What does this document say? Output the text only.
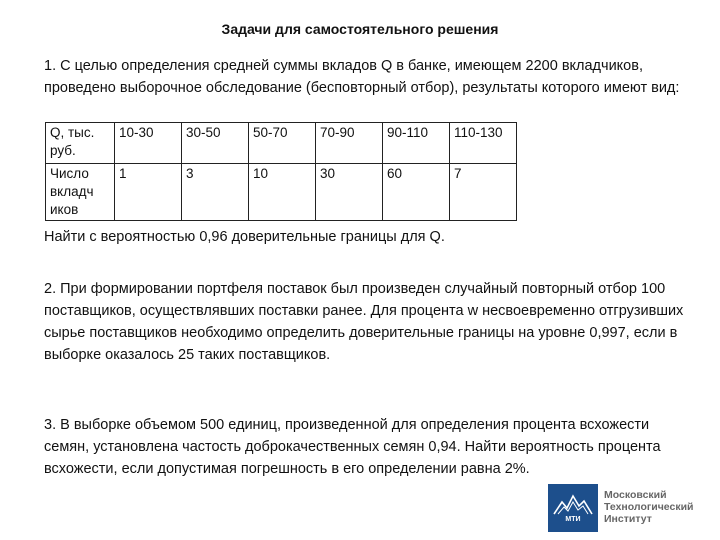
Задачи для самостоятельного решения
1. С целью определения средней суммы вкладов Q в банке, имеющем 2200 вкладчиков, проведено выборочное обследование (бесповторный отбор), результаты которого имеют вид:
Q, тыс. руб.	10-30	30-50	50-70	70-90	90-110	110-130
Число вкладч иков	1	3	10	30	60	7
Найти с вероятностью 0,96 доверительные границы для Q.
2. При формировании портфеля поставок был произведен случайный повторный отбор 100 поставщиков, осуществлявших поставки ранее. Для процента w несвоевременно отгрузивших сырье поставщиков необходимо определить доверительные границы на уровне 0,997, если в выборке оказалось 25 таких поставщиков.
3. В выборке объемом 500 единиц, произведенной для определения процента всхожести семян, установлена частость доброкачественных семян 0,94. Найти вероятность процента всхожести, если допустимая погрешность в его определении равна 2%.
МТИ
Московский
Технологический
Институт
